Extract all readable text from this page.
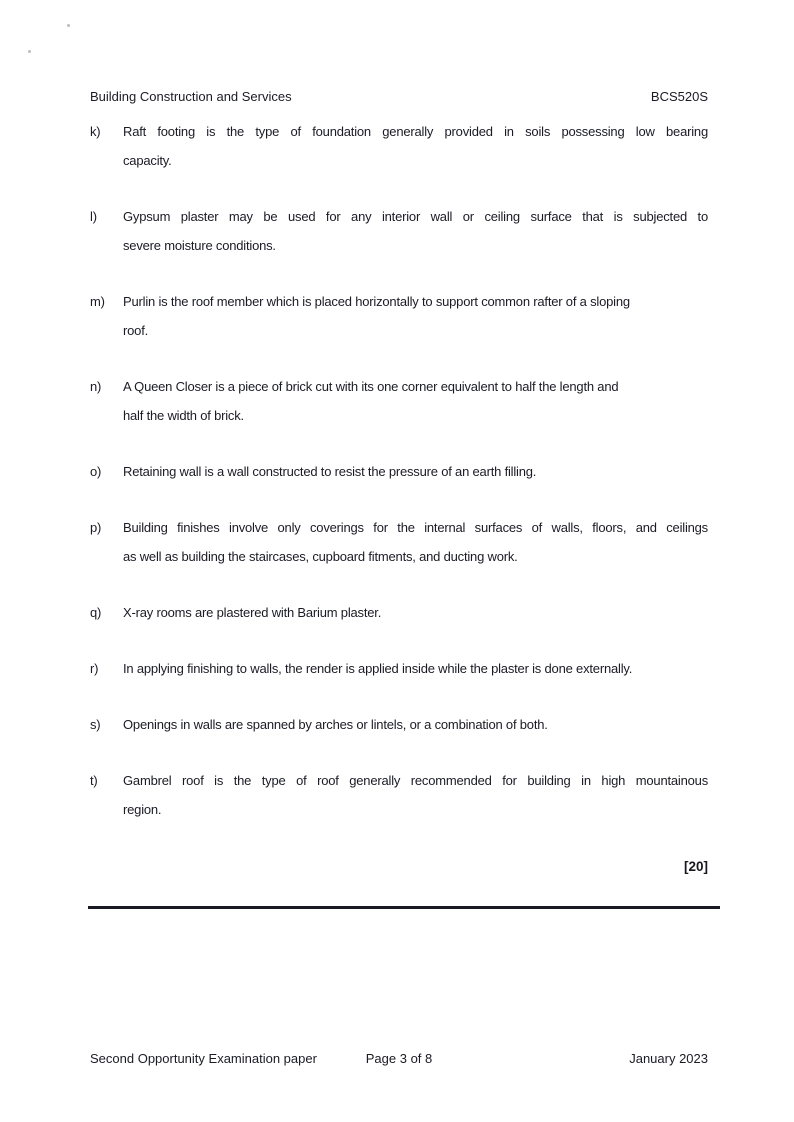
Building Construction and Services	BCS520S
k)	Raft footing is the type of foundation generally provided in soils possessing low bearing
capacity.
l)	Gypsum plaster may be used for any interior wall or ceiling surface that is subjected to
severe moisture conditions.
m)	Purlin is the roof member which is placed horizontally to support common rafter of a sloping
roof.
n)	A Queen Closer is a piece of brick cut with its one corner equivalent to half the length and
half the width of brick.
o)	Retaining wall is a wall constructed to resist the pressure of an earth filling.
p)	Building finishes involve only coverings for the internal surfaces of walls, floors, and ceilings
as well as building the staircases, cupboard fitments, and ducting work.
q)	X-ray rooms are plastered with Barium plaster.
r)	In applying finishing to walls, the render is applied inside while the plaster is done externally.
s)	Openings in walls are spanned by arches or lintels, or a combination of both.
t)	Gambrel roof is the type of roof generally recommended for building in high mountainous
region.
[20]
Second Opportunity Examination paper	Page 3 of 8	January 2023
